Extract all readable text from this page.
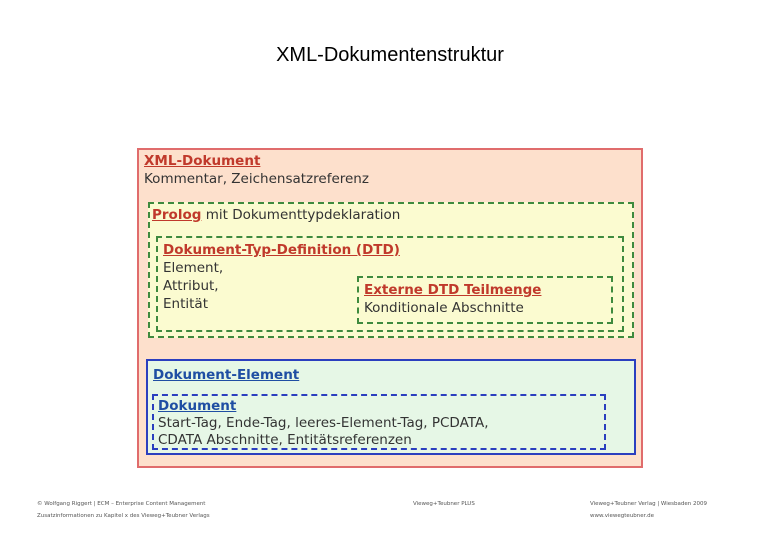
XML-Dokumentenstruktur
XML-Dokument
Kommentar, Zeichensatzreferenz
Prolog mit Dokumenttypdeklaration
Dokument-Typ-Definition (DTD)
Element,
Attribut,
Entität
Externe DTD Teilmenge
Konditionale Abschnitte
Dokument-Element
Dokument
Start-Tag, Ende-Tag, leeres-Element-Tag, PCDATA,
CDATA Abschnitte, Entitätsreferenzen
© Wolfgang Riggert | ECM – Enterprise Content Management
Zusatzinformationen zu Kapitel x des Vieweg+Teubner Verlags
Vieweg+Teubner PLUS	Vieweg+Teubner Verlag | Wiesbaden 2009
www.viewegteubner.de
